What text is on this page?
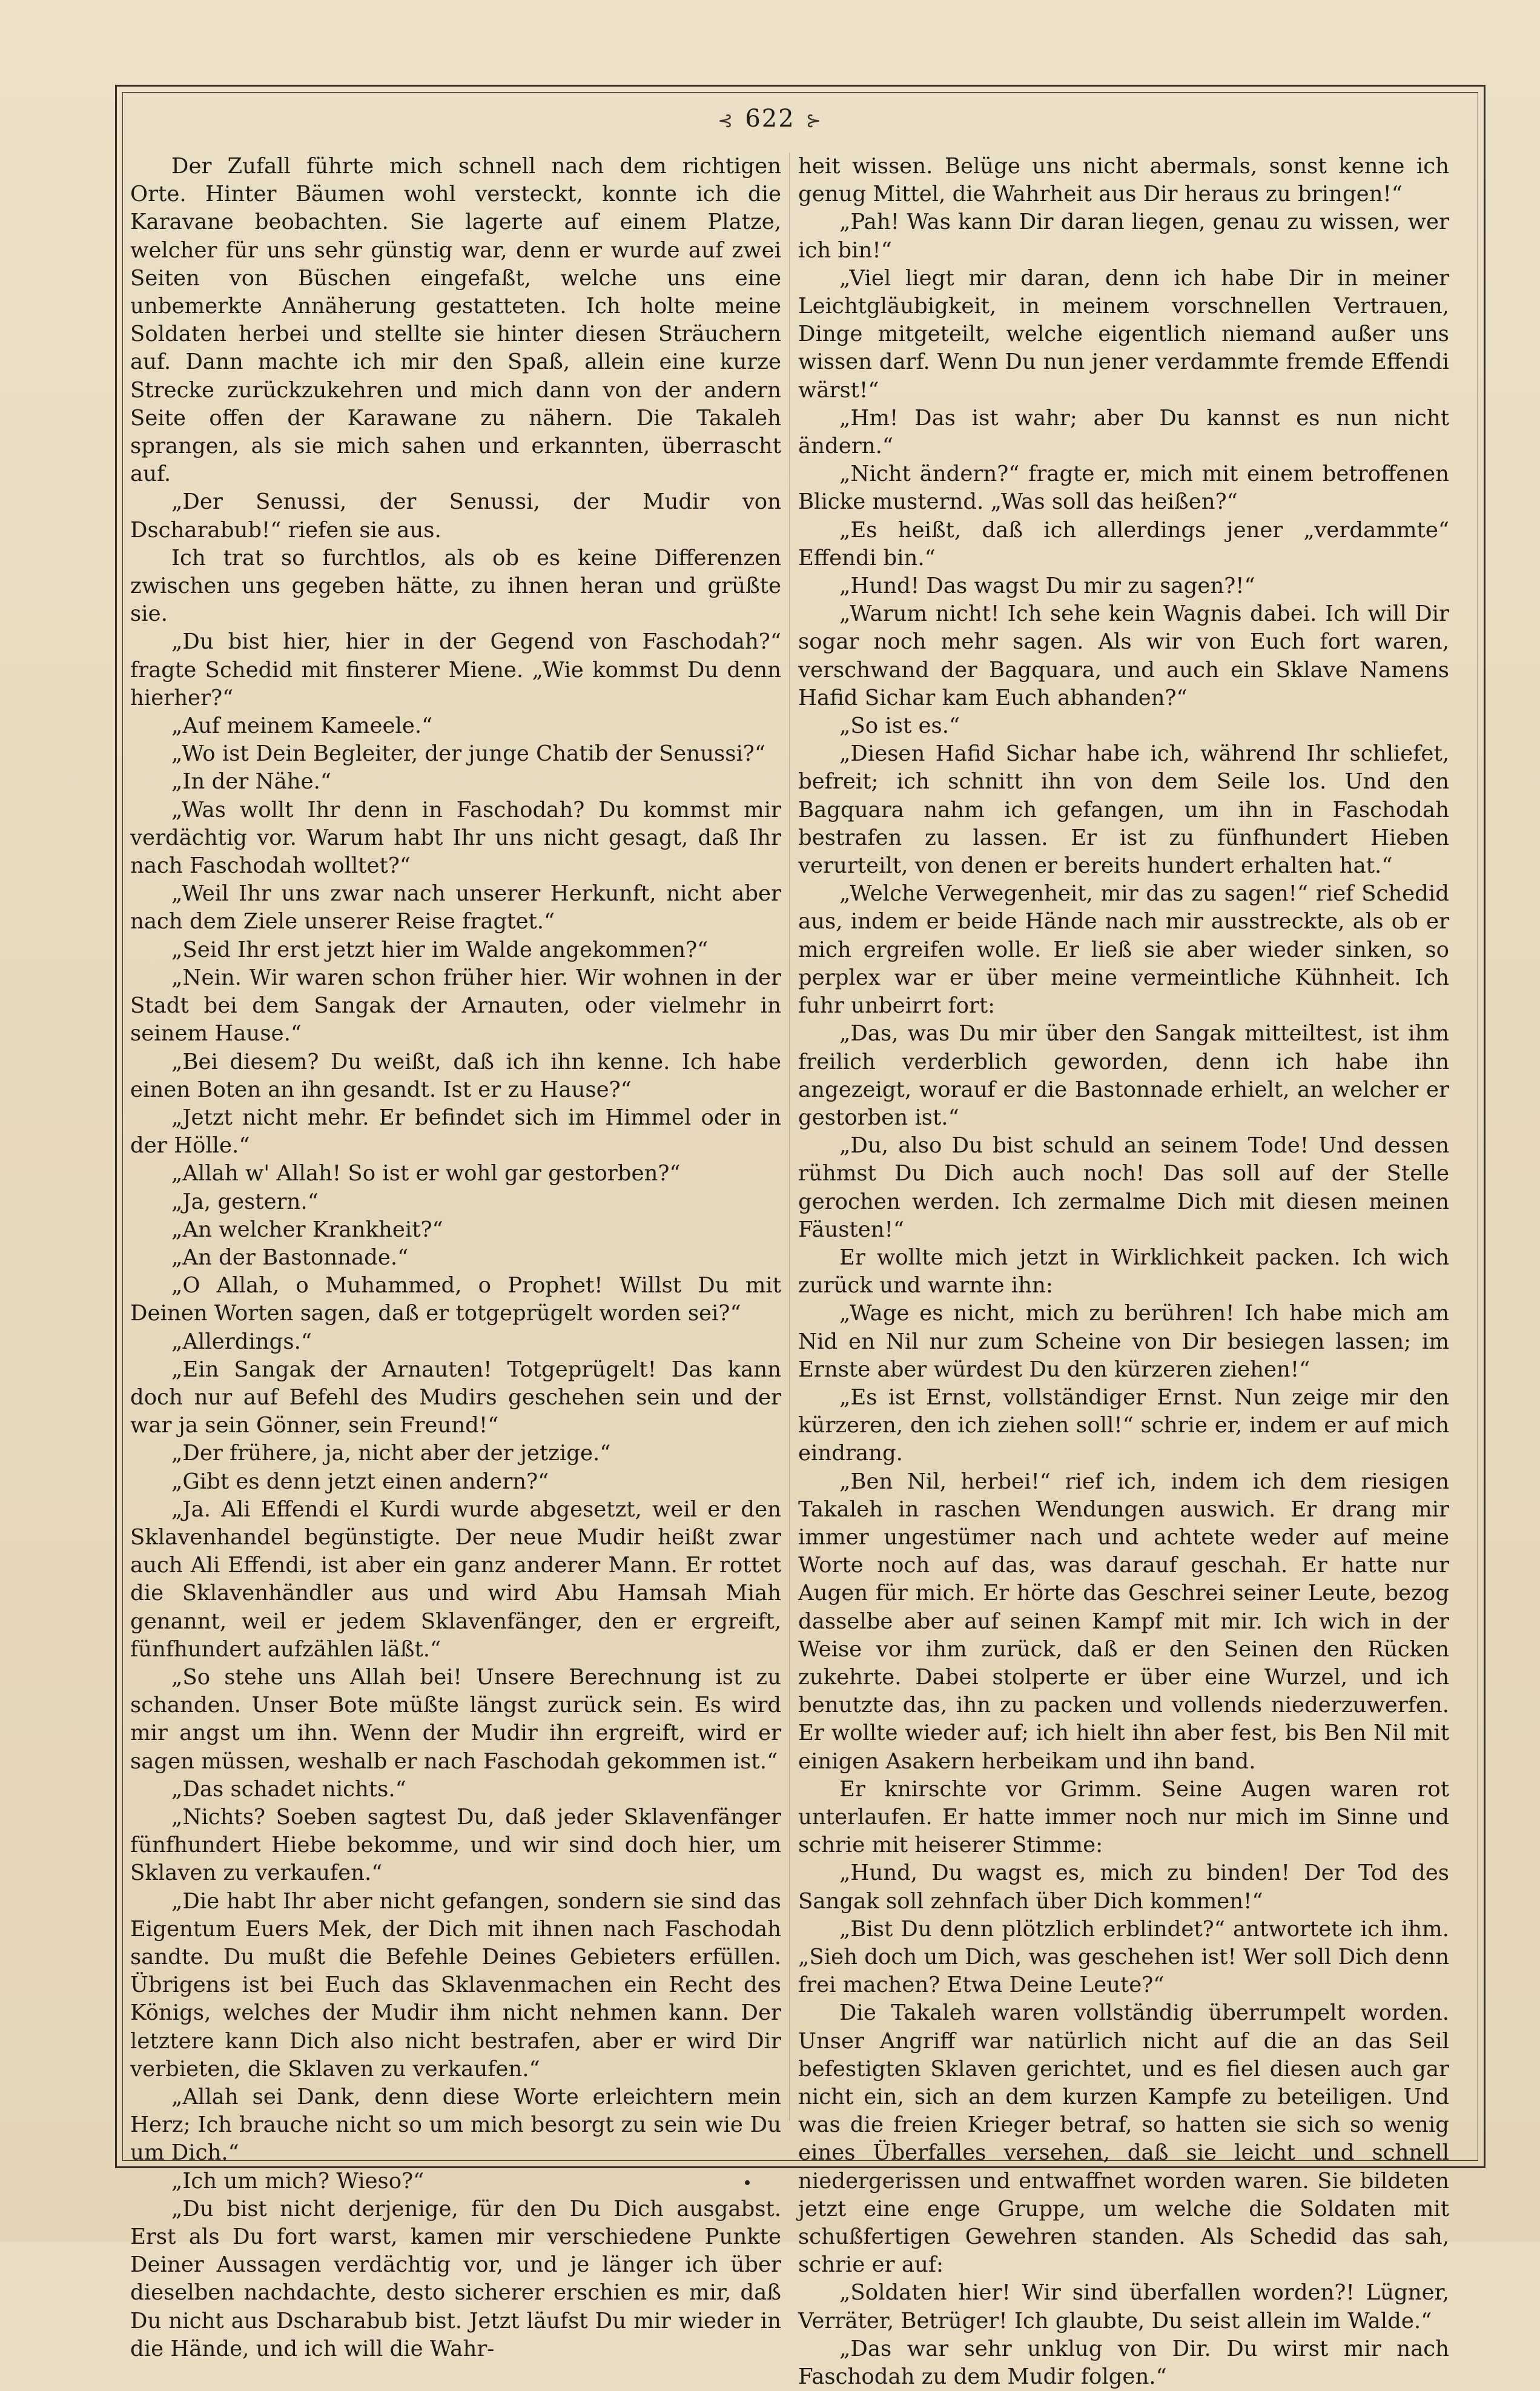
⊰ 622 ⊱

Der Zufall führte mich schnell nach dem richtigen Orte. Hinter Bäumen wohl versteckt, konnte ich die Karavane beobachten. Sie lagerte auf einem Platze, welcher für uns sehr günstig war, denn er wurde auf zwei Seiten von Büschen eingefaßt, welche uns eine unbemerkte Annäherung gestatteten. Ich holte meine Soldaten herbei und stellte sie hinter diesen Sträuchern auf. Dann machte ich mir den Spaß, allein eine kurze Strecke zurückzukehren und mich dann von der andern Seite offen der Karawane zu nähern. Die Takaleh sprangen, als sie mich sahen und erkannten, überrascht auf.

„Der Senussi, der Senussi, der Mudir von Dscharabub!“ riefen sie aus.

Ich trat so furchtlos, als ob es keine Differenzen zwischen uns gegeben hätte, zu ihnen heran und grüßte sie.

„Du bist hier, hier in der Gegend von Faschodah?“ fragte Schedid mit finsterer Miene. „Wie kommst Du denn hierher?“

„Auf meinem Kameele.“

„Wo ist Dein Begleiter, der junge Chatib der Senussi?“

„In der Nähe.“

„Was wollt Ihr denn in Faschodah? Du kommst mir verdächtig vor. Warum habt Ihr uns nicht gesagt, daß Ihr nach Faschodah wolltet?“

„Weil Ihr uns zwar nach unserer Herkunft, nicht aber nach dem Ziele unserer Reise fragtet.“

„Seid Ihr erst jetzt hier im Walde angekommen?“

„Nein. Wir waren schon früher hier. Wir wohnen in der Stadt bei dem Sangak der Arnauten, oder vielmehr in seinem Hause.“

„Bei diesem? Du weißt, daß ich ihn kenne. Ich habe einen Boten an ihn gesandt. Ist er zu Hause?“

„Jetzt nicht mehr. Er befindet sich im Himmel oder in der Hölle.“

„Allah w' Allah! So ist er wohl gar gestorben?“

„Ja, gestern.“

„An welcher Krankheit?“

„An der Bastonnade.“

„O Allah, o Muhammed, o Prophet! Willst Du mit Deinen Worten sagen, daß er totgeprügelt worden sei?“

„Allerdings.“

„Ein Sangak der Arnauten! Totgeprügelt! Das kann doch nur auf Befehl des Mudirs geschehen sein und der war ja sein Gönner, sein Freund!“

„Der frühere, ja, nicht aber der jetzige.“

„Gibt es denn jetzt einen andern?“

„Ja. Ali Effendi el Kurdi wurde abgesetzt, weil er den Sklavenhandel begünstigte. Der neue Mudir heißt zwar auch Ali Effendi, ist aber ein ganz anderer Mann. Er rottet die Sklavenhändler aus und wird Abu Hamsah Miah genannt, weil er jedem Sklavenfänger, den er ergreift, fünfhundert aufzählen läßt.“

„So stehe uns Allah bei! Unsere Berechnung ist zu schanden. Unser Bote müßte längst zurück sein. Es wird mir angst um ihn. Wenn der Mudir ihn ergreift, wird er sagen müssen, weshalb er nach Faschodah gekommen ist.“

„Das schadet nichts.“

„Nichts? Soeben sagtest Du, daß jeder Sklavenfänger fünfhundert Hiebe bekomme, und wir sind doch hier, um Sklaven zu verkaufen.“

„Die habt Ihr aber nicht gefangen, sondern sie sind das Eigentum Euers Mek, der Dich mit ihnen nach Faschodah sandte. Du mußt die Befehle Deines Gebieters erfüllen. Übrigens ist bei Euch das Sklavenmachen ein Recht des Königs, welches der Mudir ihm nicht nehmen kann. Der letztere kann Dich also nicht bestrafen, aber er wird Dir verbieten, die Sklaven zu verkaufen.“

„Allah sei Dank, denn diese Worte erleichtern mein Herz; Ich brauche nicht so um mich besorgt zu sein wie Du um Dich.“

„Ich um mich? Wieso?“

„Du bist nicht derjenige, für den Du Dich ausgabst. Erst als Du fort warst, kamen mir verschiedene Punkte Deiner Aussagen verdächtig vor, und je länger ich über dieselben nachdachte, desto sicherer erschien es mir, daß Du nicht aus Dscharabub bist. Jetzt läufst Du mir wieder in die Hände, und ich will die Wahr-

heit wissen. Belüge uns nicht abermals, sonst kenne ich genug Mittel, die Wahrheit aus Dir heraus zu bringen!“

„Pah! Was kann Dir daran liegen, genau zu wissen, wer ich bin!“

„Viel liegt mir daran, denn ich habe Dir in meiner Leichtgläubigkeit, in meinem vorschnellen Vertrauen, Dinge mitgeteilt, welche eigentlich niemand außer uns wissen darf. Wenn Du nun jener verdammte fremde Effendi wärst!“

„Hm! Das ist wahr; aber Du kannst es nun nicht ändern.“

„Nicht ändern?“ fragte er, mich mit einem betroffenen Blicke musternd. „Was soll das heißen?“

„Es heißt, daß ich allerdings jener „verdammte“ Effendi bin.“

„Hund! Das wagst Du mir zu sagen?!“

„Warum nicht! Ich sehe kein Wagnis dabei. Ich will Dir sogar noch mehr sagen. Als wir von Euch fort waren, verschwand der Bagquara, und auch ein Sklave Namens Hafid Sichar kam Euch abhanden?“

„So ist es.“

„Diesen Hafid Sichar habe ich, während Ihr schliefet, befreit; ich schnitt ihn von dem Seile los. Und den Bagquara nahm ich gefangen, um ihn in Faschodah bestrafen zu lassen. Er ist zu fünfhundert Hieben verurteilt, von denen er bereits hundert erhalten hat.“

„Welche Verwegenheit, mir das zu sagen!“ rief Schedid aus, indem er beide Hände nach mir ausstreckte, als ob er mich ergreifen wolle. Er ließ sie aber wieder sinken, so perplex war er über meine vermeintliche Kühnheit. Ich fuhr unbeirrt fort:

„Das, was Du mir über den Sangak mitteiltest, ist ihm freilich verderblich geworden, denn ich habe ihn angezeigt, worauf er die Bastonnade erhielt, an welcher er gestorben ist.“

„Du, also Du bist schuld an seinem Tode! Und dessen rühmst Du Dich auch noch! Das soll auf der Stelle gerochen werden. Ich zermalme Dich mit diesen meinen Fäusten!“

Er wollte mich jetzt in Wirklichkeit packen. Ich wich zurück und warnte ihn:

„Wage es nicht, mich zu berühren! Ich habe mich am Nid en Nil nur zum Scheine von Dir besiegen lassen; im Ernste aber würdest Du den kürzeren ziehen!“

„Es ist Ernst, vollständiger Ernst. Nun zeige mir den kürzeren, den ich ziehen soll!“ schrie er, indem er auf mich eindrang.

„Ben Nil, herbei!“ rief ich, indem ich dem riesigen Takaleh in raschen Wendungen auswich. Er drang mir immer ungestümer nach und achtete weder auf meine Worte noch auf das, was darauf geschah. Er hatte nur Augen für mich. Er hörte das Geschrei seiner Leute, bezog dasselbe aber auf seinen Kampf mit mir. Ich wich in der Weise vor ihm zurück, daß er den Seinen den Rücken zukehrte. Dabei stolperte er über eine Wurzel, und ich benutzte das, ihn zu packen und vollends niederzuwerfen. Er wollte wieder auf; ich hielt ihn aber fest, bis Ben Nil mit einigen Asakern herbeikam und ihn band.

Er knirschte vor Grimm. Seine Augen waren rot unterlaufen. Er hatte immer noch nur mich im Sinne und schrie mit heiserer Stimme:

„Hund, Du wagst es, mich zu binden! Der Tod des Sangak soll zehnfach über Dich kommen!“

„Bist Du denn plötzlich erblindet?“ antwortete ich ihm. „Sieh doch um Dich, was geschehen ist! Wer soll Dich denn frei machen? Etwa Deine Leute?“

Die Takaleh waren vollständig überrumpelt worden. Unser Angriff war natürlich nicht auf die an das Seil befestigten Sklaven gerichtet, und es fiel diesen auch gar nicht ein, sich an dem kurzen Kampfe zu beteiligen. Und was die freien Krieger betraf, so hatten sie sich so wenig eines Überfalles versehen, daß sie leicht und schnell niedergerissen und entwaffnet worden waren. Sie bildeten jetzt eine enge Gruppe, um welche die Soldaten mit schußfertigen Gewehren standen. Als Schedid das sah, schrie er auf:

„Soldaten hier! Wir sind überfallen worden?! Lügner, Verräter, Betrüger! Ich glaubte, Du seist allein im Walde.“

„Das war sehr unklug von Dir. Du wirst mir nach Faschodah zu dem Mudir folgen.“
